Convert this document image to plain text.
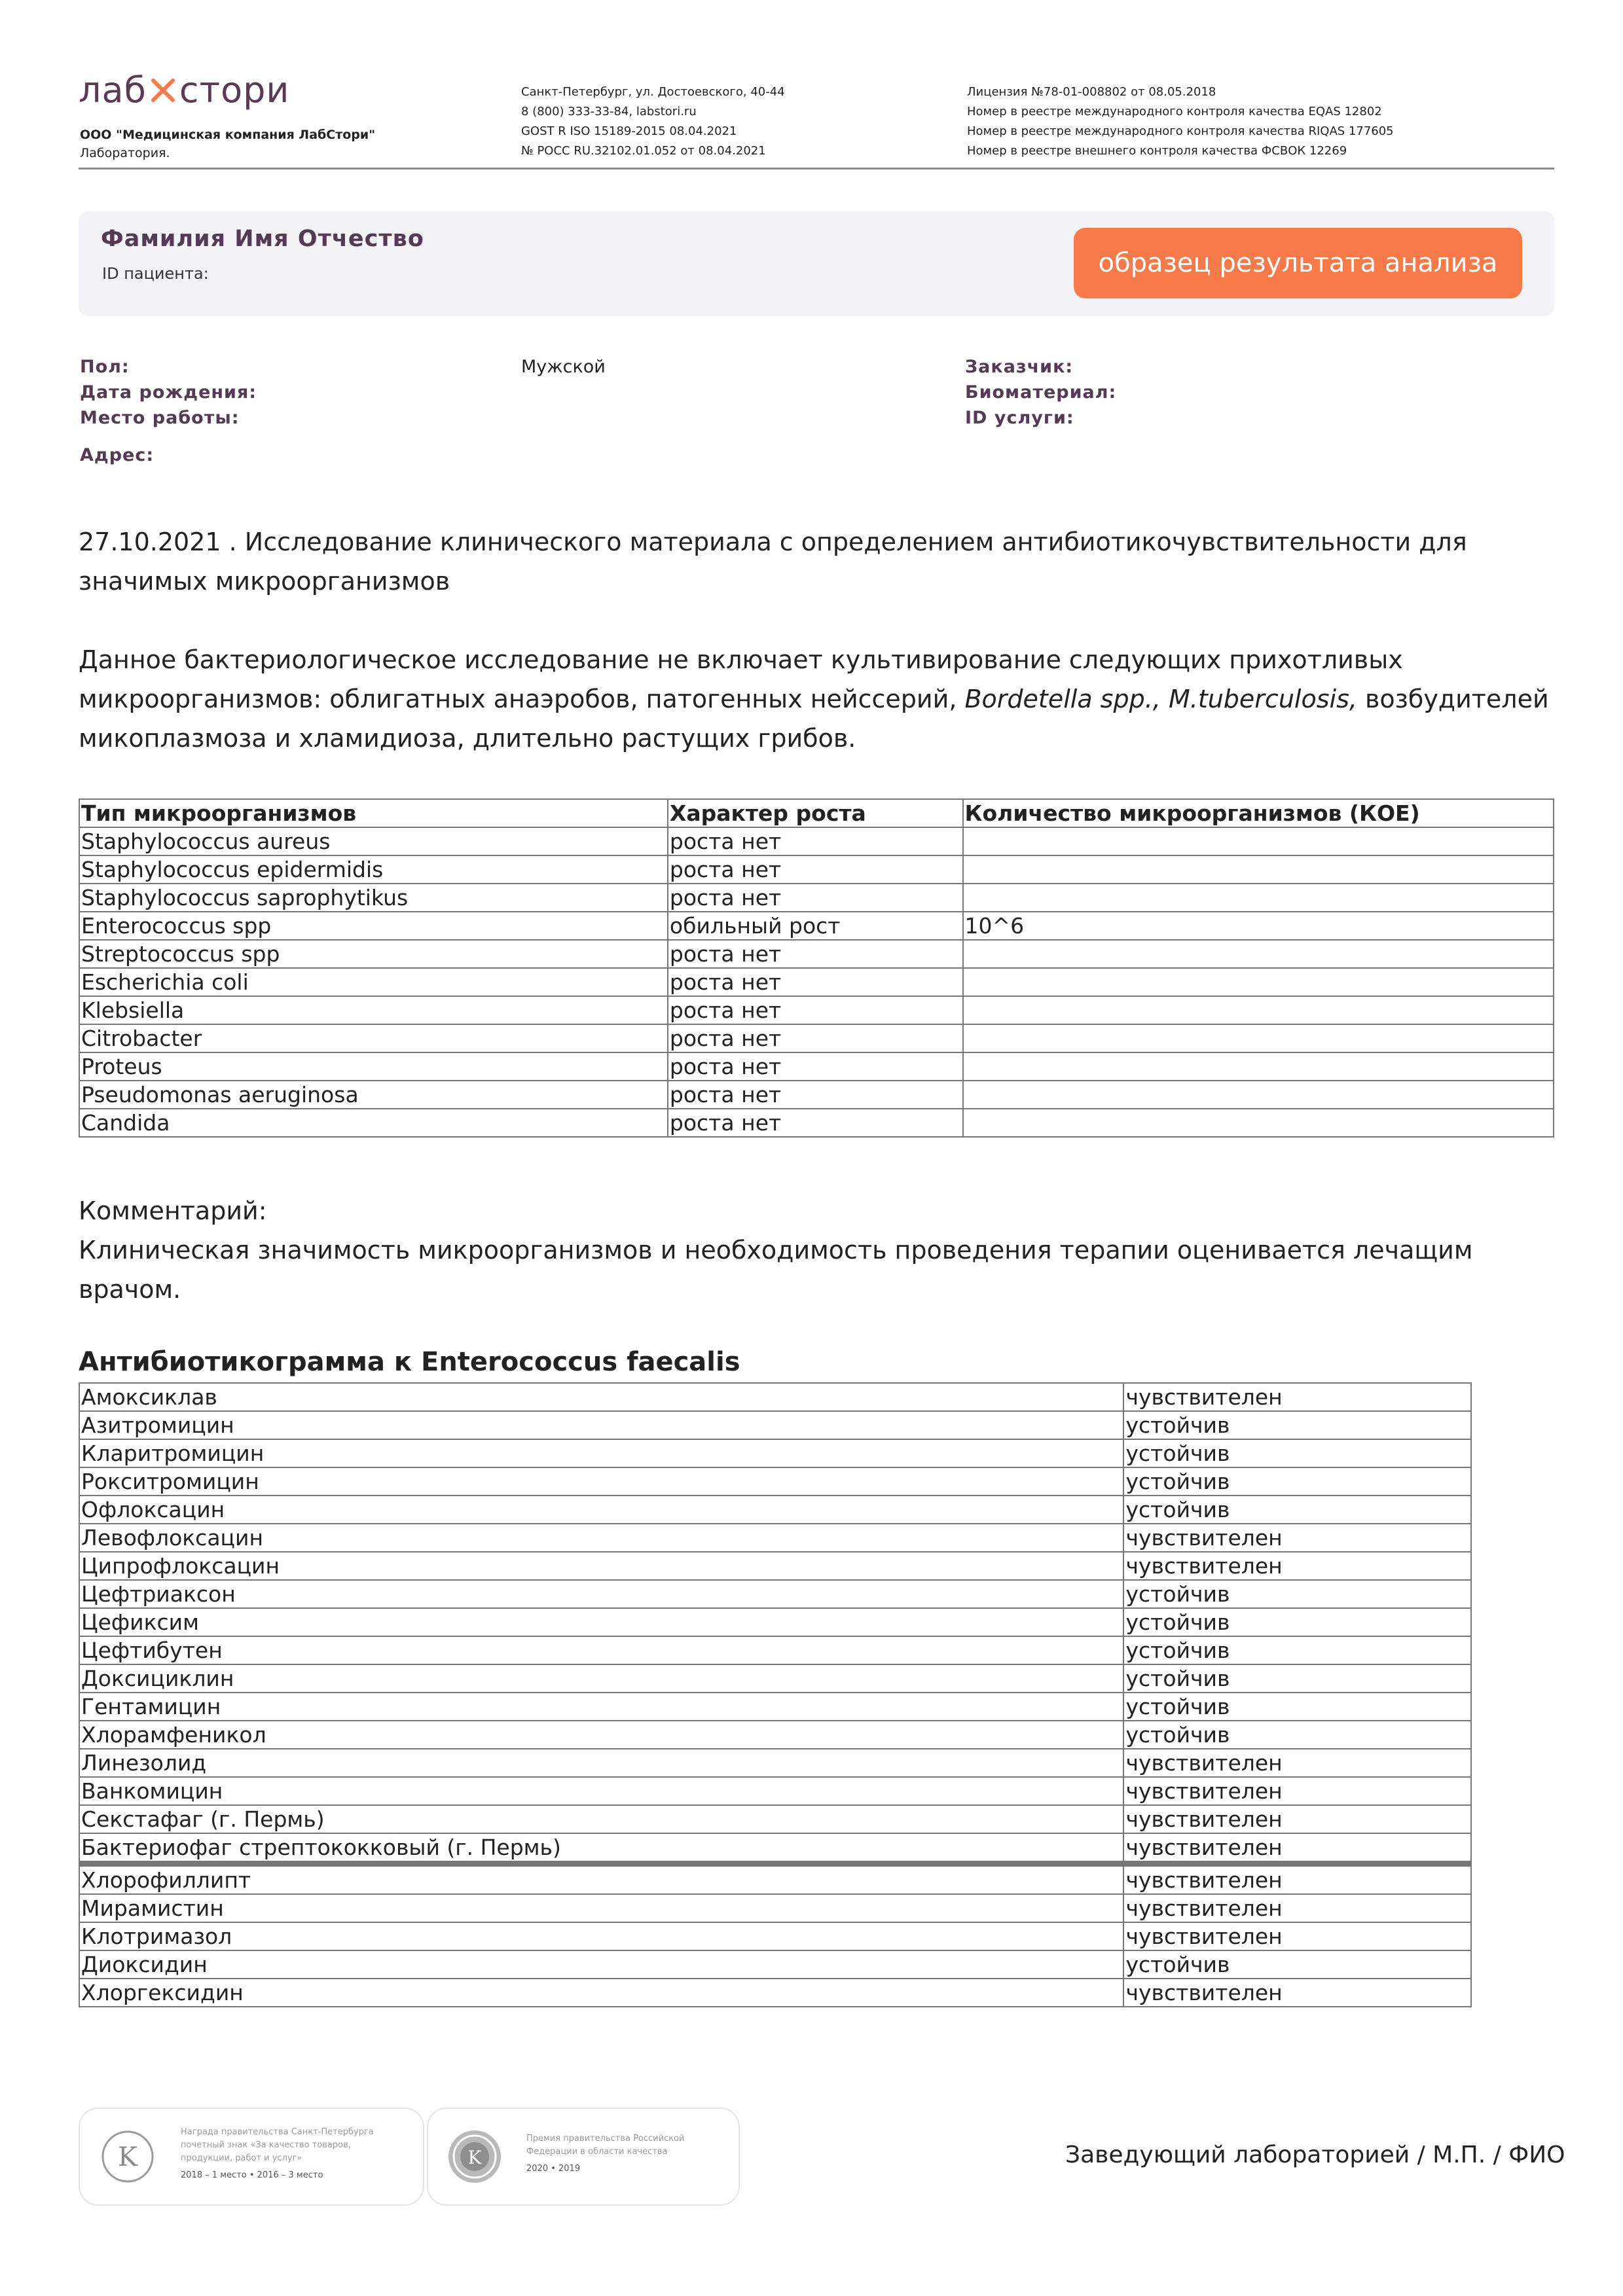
лаб стори
ООО "Медицинская компания ЛабСтори"
Лаборатория.
Санкт-Петербург, ул. Достоевского, 40-44
8 (800) 333-33-84, labstori.ru
GOST R ISO 15189-2015 08.04.2021
№ РОСС RU.32102.01.052 от 08.04.2021
Лицензия №78-01-008802 от 08.05.2018
Номер в реестре международного контроля качества EQAS 12802
Номер в реестре международного контроля качества RIQAS 177605
Номер в реестре внешнего контроля качества ФСВОК 12269
Фамилия Имя Отчество
ID пациента:	образец результата анализа
Пол:	Мужской
Дата рождения:
Место работы:
Адрес:
Заказчик:
Биоматериал:
ID услуги:
27.10.2021 . Исследование клинического материала с определением антибиотикочувствительности для
значимых микроорганизмов
Данное бактериологическое исследование не включает культивирование следующих прихотливых
микроорганизмов: облигатных анаэробов, патогенных нейссерий, Bordetella spp., M.tuberculosis, возбудителей
микоплазмоза и хламидиоза, длительно растущих грибов.
Тип микроорганизмов	Характер роста	Количество микроорганизмов (КОЕ)
Staphylococcus aureus	роста нет	
Staphylococcus epidermidis	роста нет	
Staphylococcus saprophytikus	роста нет	
Enterococcus spp	обильный рост	10^6
Streptococcus spp	роста нет	
Escherichia coli	роста нет	
Klebsiella	роста нет	
Citrobacter	роста нет	
Proteus	роста нет	
Pseudomonas aeruginosa	роста нет	
Candida	роста нет	
Комментарий:
Клиническая значимость микроорганизмов и необходимость проведения терапии оценивается лечащим
врачом.
Антибиотикограмма к Enterococcus faecalis
Амоксиклав	чувствителен
Азитромицин	устойчив
Кларитромицин	устойчив
Рокситромицин	устойчив
Офлоксацин	устойчив
Левофлоксацин	чувствителен
Ципрофлоксацин	чувствителен
Цефтриаксон	устойчив
Цефиксим	устойчив
Цефтибутен	устойчив
Доксициклин	устойчив
Гентамицин	устойчив
Хлорамфеникол	устойчив
Линезолид	чувствителен
Ванкомицин	чувствителен
Секстафаг (г. Пермь)	чувствителен
Бактериофаг стрептококковый (г. Пермь)	чувствителен
Хлорофиллипт	чувствителен
Мирамистин	чувствителен
Клотримазол	чувствителен
Диоксидин	устойчив
Хлоргексидин	чувствителен
K
Награда правительства Санкт-Петербурга
почетный знак «За качество товаров,
продукции, работ и услуг»
2018 – 1 место • 2016 – 3 место
K
Премия правительства Российской
Федерации в области качества
2020 • 2019
Заведующий лабораторией / М.П. / ФИО
